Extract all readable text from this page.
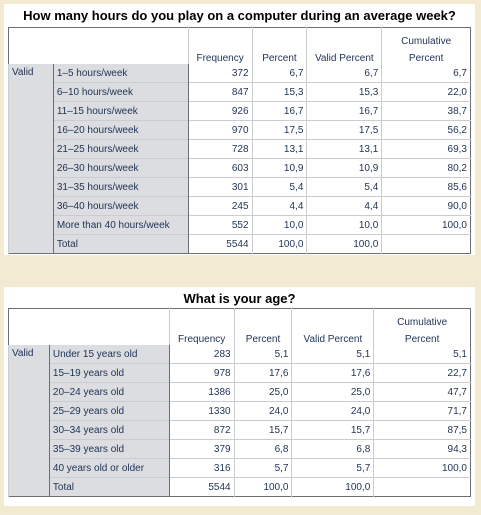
How many hours do you play on a computer during an average week?
		Frequency	Percent	Valid Percent	Cumulative
					Percent
Valid	1–5 hours/week	372	6,7	6,7	6,7
	6–10 hours/week	847	15,3	15,3	22,0
	11–15 hours/week	926	16,7	16,7	38,7
	16–20 hours/week	970	17,5	17,5	56,2
	21–25 hours/week	728	13,1	13,1	69,3
	26–30 hours/week	603	10,9	10,9	80,2
	31–35 hours/week	301	5,4	5,4	85,6
	36–40 hours/week	245	4,4	4,4	90,0
	More than 40 hours/week	552	10,0	10,0	100,0
	Total	5544	100,0	100,0	
What is your age?
		Frequency	Percent	Valid Percent	Cumulative
					Percent
Valid	Under 15 years old	283	5,1	5,1	5,1
	15–19 years old	978	17,6	17,6	22,7
	20–24 years old	1386	25,0	25,0	47,7
	25–29 years old	1330	24,0	24,0	71,7
	30–34 years old	872	15,7	15,7	87,5
	35–39 years old	379	6,8	6,8	94,3
	40 years old or older	316	5,7	5,7	100,0
	Total	5544	100,0	100,0	
